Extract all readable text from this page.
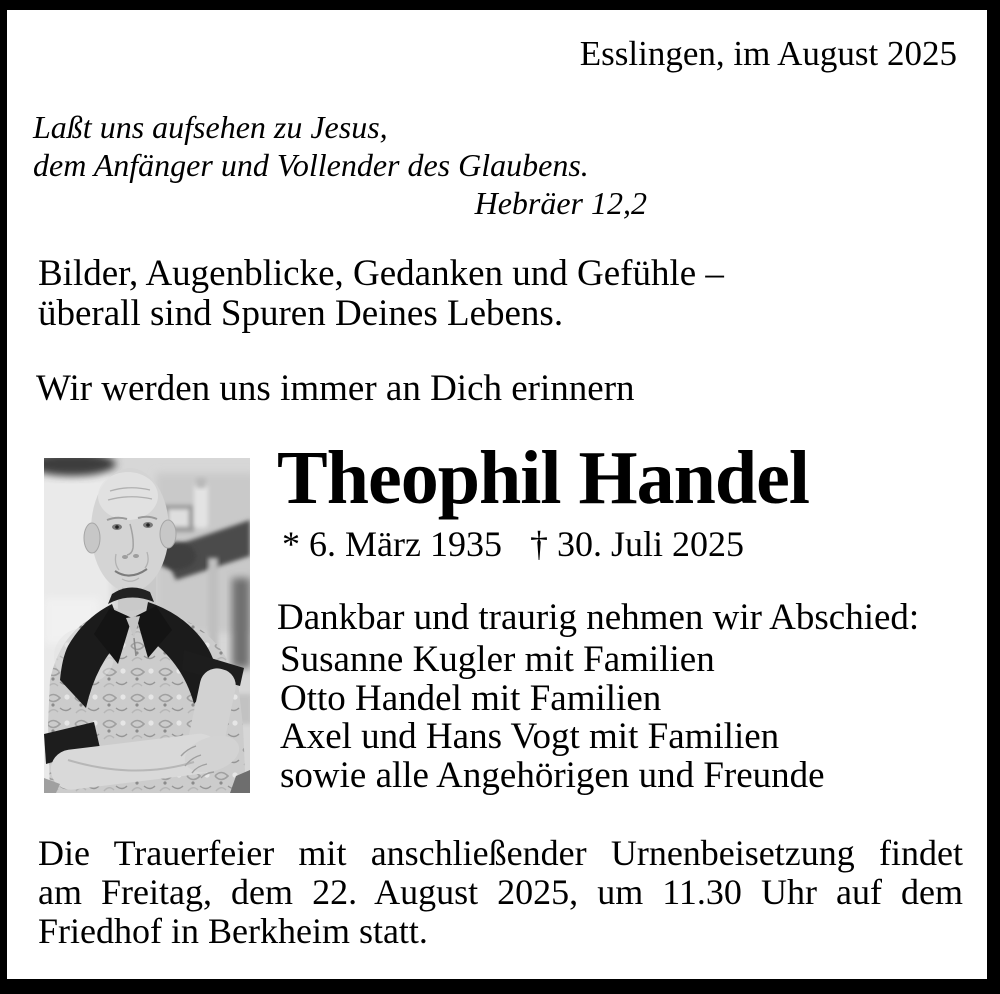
Esslingen, im August 2025
Laßt uns aufsehen zu Jesus,
dem Anfänger und Vollender des Glaubens.
Hebräer 12,2
Bilder, Augenblicke, Gedanken und Gefühle –
überall sind Spuren Deines Lebens.
Wir werden uns immer an Dich erinnern
Theophil Handel
* 6. März 1935 † 30. Juli 2025
Dankbar und traurig nehmen wir Abschied:
Susanne Kugler mit Familien
Otto Handel mit Familien
Axel und Hans Vogt mit Familien
sowie alle Angehörigen und Freunde
Die Trauerfeier mit anschließender Urnenbeisetzung findet
am Freitag, dem 22. August 2025, um 11.30 Uhr auf dem
Friedhof in Berkheim statt.
